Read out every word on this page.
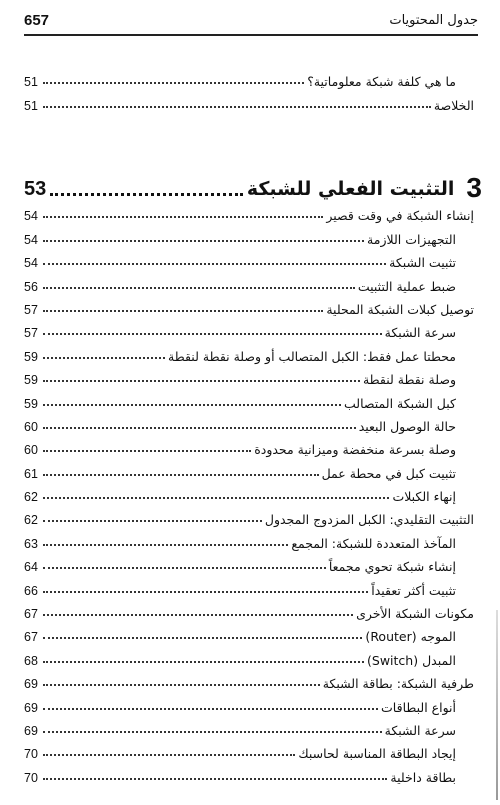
657	جدول المحتويات
ما هي كلفة شبكة معلوماتية؟
51
الخلاصة
51
3
التثبيت الفعلي للشبكة
53
إنشاء الشبكة في وقت قصير
54
التجهيزات اللازمة
54
تثبيت الشبكة
54
ضبط عملية التثبيت
56
توصيل كبلات الشبكة المحلية
57
سرعة الشبكة
57
محطتا عمل فقط: الكبل المتصالب أو وصلة نقطة لنقطة
59
وصلة نقطة لنقطة
59
كبل الشبكة المتصالب
59
حالة الوصول البعيد
60
وصلة بسرعة منخفضة وميزانية محدودة
60
تثبيت كبل في محطة عمل
61
إنهاء الكبلات
62
التثبيت التقليدي: الكبل المزدوج المجدول
62
المآخذ المتعددة للشبكة: المجمع
63
إنشاء شبكة تحوي مجمعاً
64
تثبيت أكثر تعقيداً
66
مكونات الشبكة الأخرى
67
الموجه (Router)
67
المبدل (Switch)
68
طرفية الشبكة: بطاقة الشبكة
69
أنواع البطاقات
69
سرعة الشبكة
69
إيجاد البطاقة المناسبة لحاسبك
70
بطاقة داخلية
70
